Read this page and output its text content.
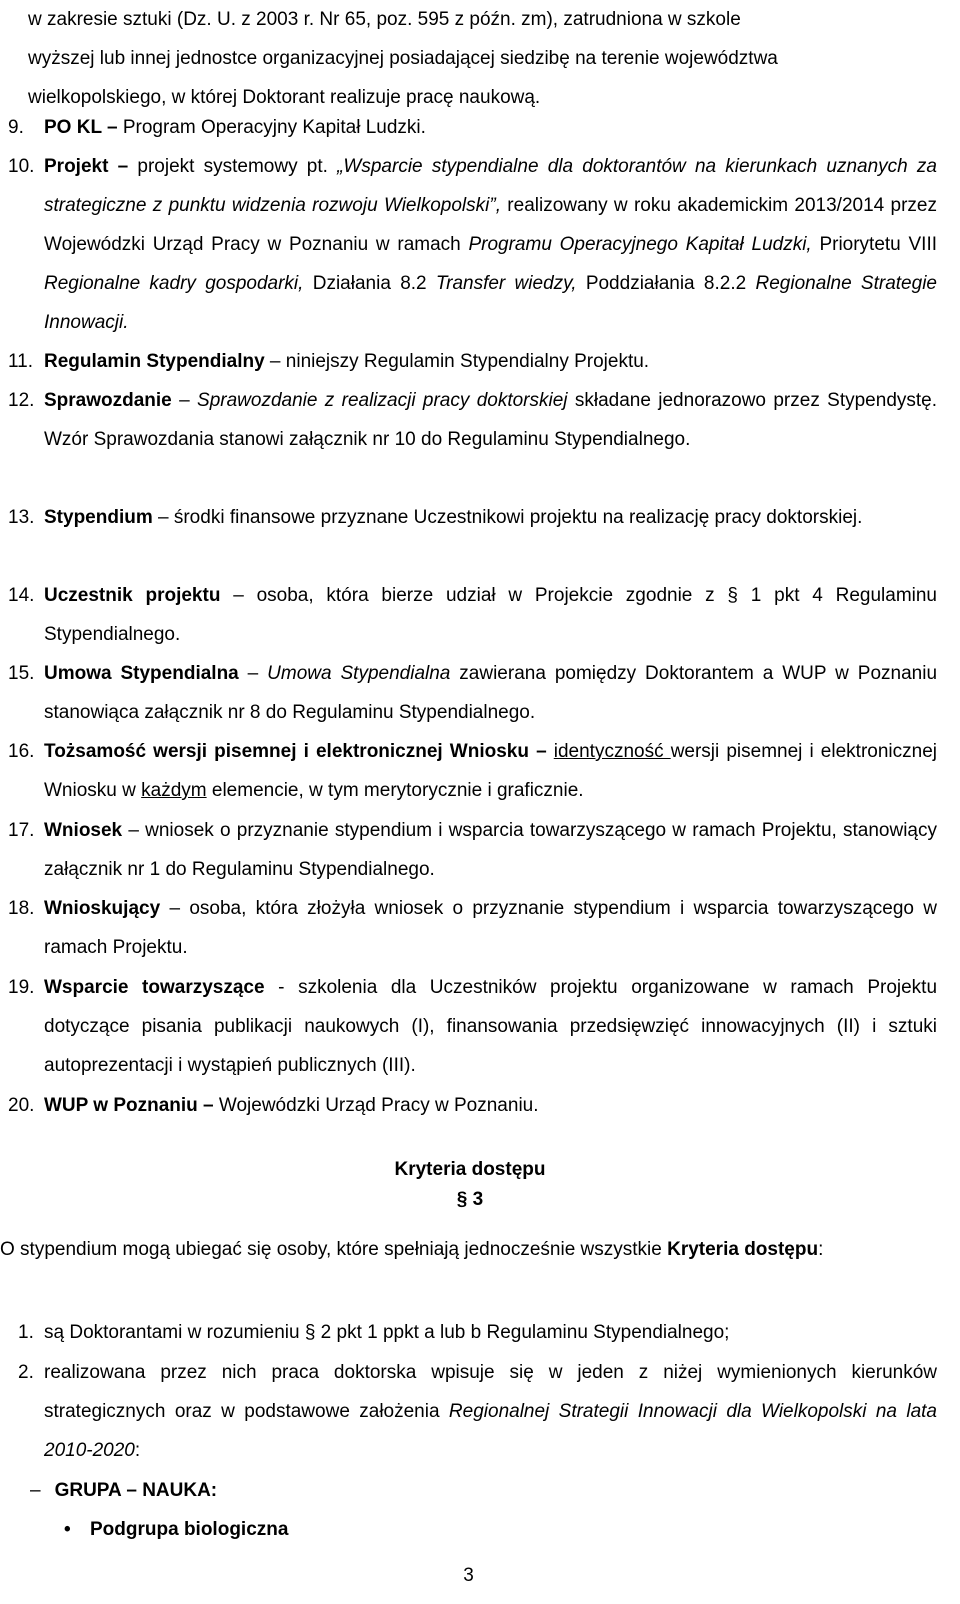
w zakresie sztuki (Dz. U. z 2003 r. Nr 65, poz. 595 z późn. zm), zatrudniona w szkole
wyższej lub innej jednostce organizacyjnej posiadającej siedzibę na terenie województwa
wielkopolskiego, w której Doktorant realizuje pracę naukową.
9. PO KL – Program Operacyjny Kapitał Ludzki.
10. Projekt – projekt systemowy pt. „Wsparcie stypendialne dla doktorantów na kierunkach uznanych za strategiczne z punktu widzenia rozwoju Wielkopolski”, realizowany w roku akademickim 2013/2014 przez Wojewódzki Urząd Pracy w Poznaniu w ramach Programu Operacyjnego Kapitał Ludzki, Priorytetu VIII Regionalne kadry gospodarki, Działania 8.2 Transfer wiedzy, Poddziałania 8.2.2 Regionalne Strategie Innowacji.
11. Regulamin Stypendialny – niniejszy Regulamin Stypendialny Projektu.
12. Sprawozdanie – Sprawozdanie z realizacji pracy doktorskiej składane jednorazowo przez Stypendystę. Wzór Sprawozdania stanowi załącznik nr 10 do Regulaminu Stypendialnego.
13. Stypendium – środki finansowe przyznane Uczestnikowi projektu na realizację pracy doktorskiej.
14. Uczestnik projektu – osoba, która bierze udział w Projekcie zgodnie z § 1 pkt 4 Regulaminu Stypendialnego.
15. Umowa Stypendialna – Umowa Stypendialna zawierana pomiędzy Doktorantem a WUP w Poznaniu stanowiąca załącznik nr 8 do Regulaminu Stypendialnego.
16. Tożsamość wersji pisemnej i elektronicznej Wniosku – identyczność wersji pisemnej i elektronicznej Wniosku w każdym elemencie, w tym merytorycznie i graficznie.
17. Wniosek – wniosek o przyznanie stypendium i wsparcia towarzyszącego w ramach Projektu, stanowiący załącznik nr 1 do Regulaminu Stypendialnego.
18. Wnioskujący – osoba, która złożyła wniosek o przyznanie stypendium i wsparcia towarzyszącego w ramach Projektu.
19. Wsparcie towarzyszące - szkolenia dla Uczestników projektu organizowane w ramach Projektu dotyczące pisania publikacji naukowych (I), finansowania przedsięwzięć innowacyjnych (II) i sztuki autoprezentacji i wystąpień publicznych (III).
20. WUP w Poznaniu – Wojewódzki Urząd Pracy w Poznaniu.
Kryteria dostępu
§ 3
O stypendium mogą ubiegać się osoby, które spełniają jednocześnie wszystkie Kryteria dostępu:
1. są Doktorantami w rozumieniu § 2 pkt 1 ppkt a lub b Regulaminu Stypendialnego;
2. realizowana przez nich praca doktorska wpisuje się w jeden z niżej wymienionych kierunków strategicznych oraz w podstawowe założenia Regionalnej Strategii Innowacji dla Wielkopolski na lata 2010-2020:
– GRUPA – NAUKA:
• Podgrupa biologiczna
3
